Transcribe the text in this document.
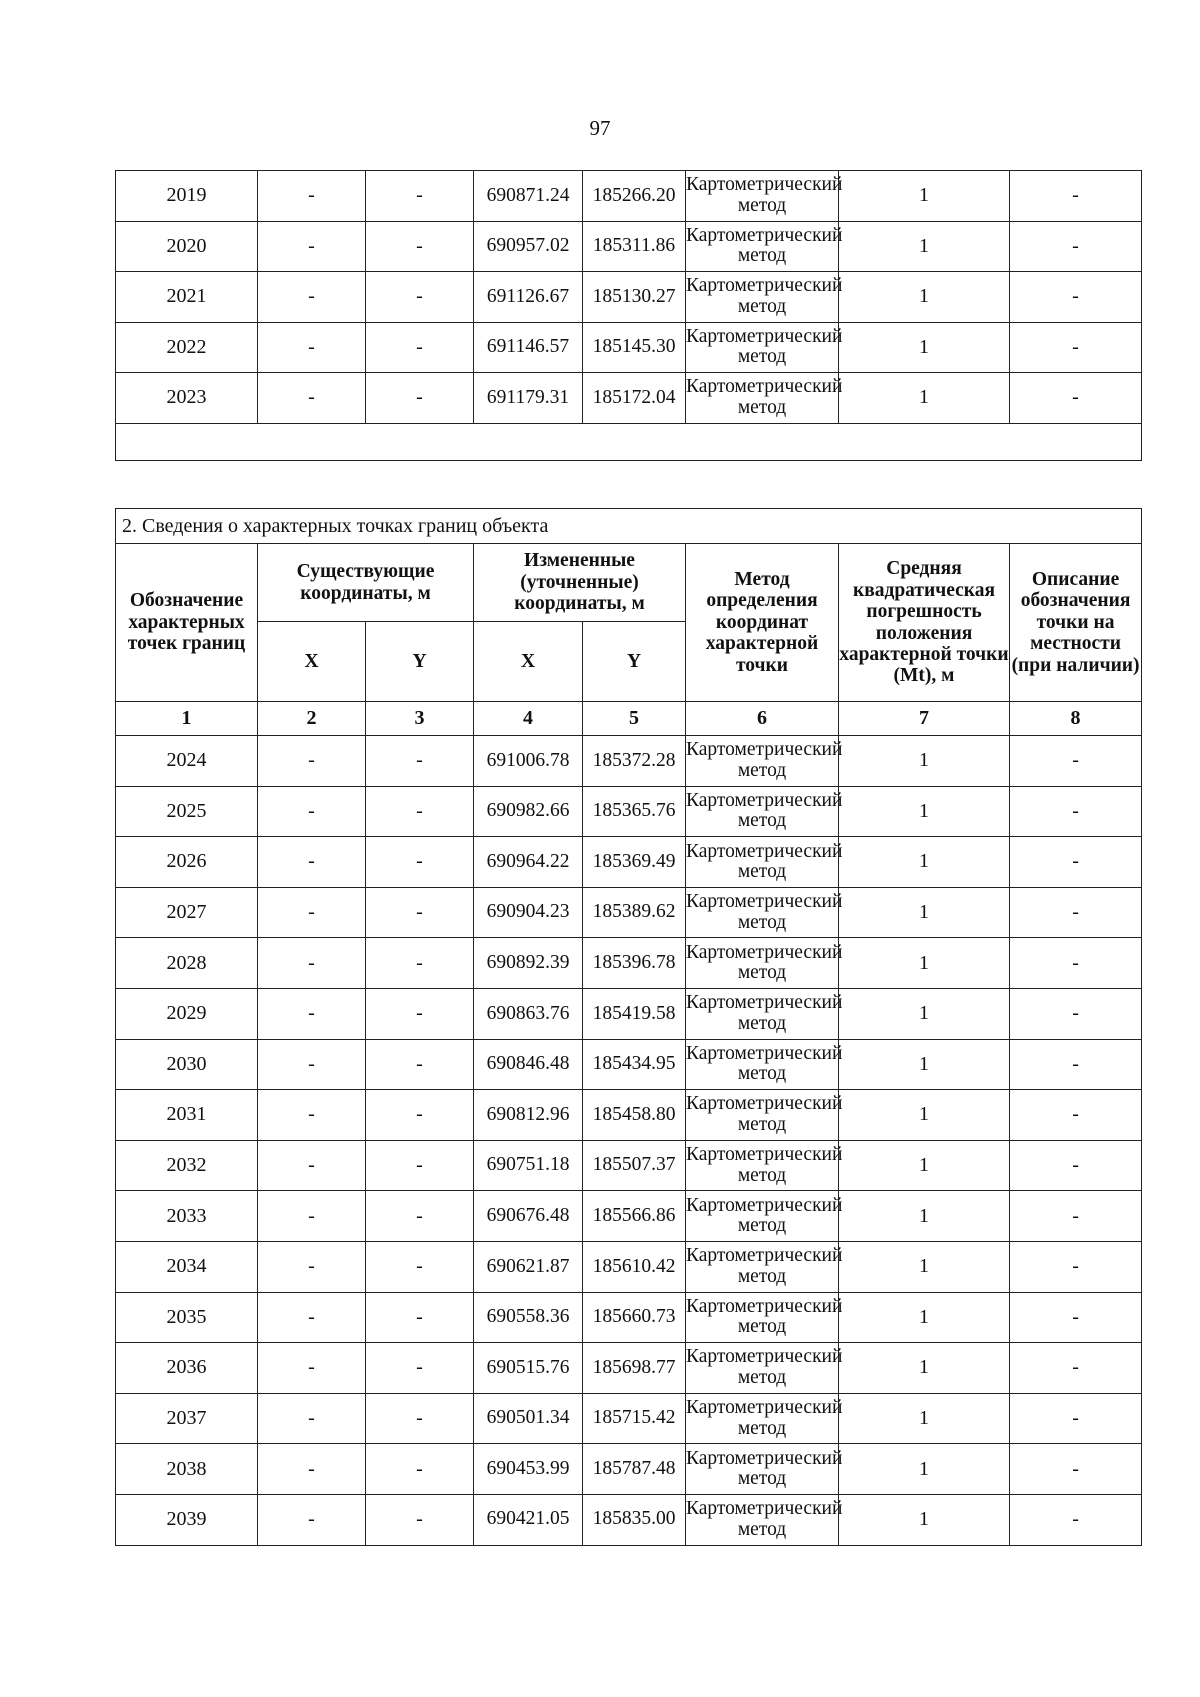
97
2019	-	-	690871.24	185266.20	Картометрический метод	1	-
2020	-	-	690957.02	185311.86	Картометрический метод	1	-
2021	-	-	691126.67	185130.27	Картометрический метод	1	-
2022	-	-	691146.57	185145.30	Картометрический метод	1	-
2023	-	-	691179.31	185172.04	Картометрический метод	1	-

2. Сведения о характерных точках границ объекта							
Обозначение характерных точек границ	Существующие координаты, м		Измененные (уточненные) координаты, м		Метод определения координат характерной точки	Средняя квадратическая погрешность положения характерной точки (Mt), м	Описание обозначения точки на местности (при наличии)
	X	Y	X	Y			
1	2	3	4	5	6	7	8
2024	-	-	691006.78	185372.28	Картометрический метод	1	-
2025	-	-	690982.66	185365.76	Картометрический метод	1	-
2026	-	-	690964.22	185369.49	Картометрический метод	1	-
2027	-	-	690904.23	185389.62	Картометрический метод	1	-
2028	-	-	690892.39	185396.78	Картометрический метод	1	-
2029	-	-	690863.76	185419.58	Картометрический метод	1	-
2030	-	-	690846.48	185434.95	Картометрический метод	1	-
2031	-	-	690812.96	185458.80	Картометрический метод	1	-
2032	-	-	690751.18	185507.37	Картометрический метод	1	-
2033	-	-	690676.48	185566.86	Картометрический метод	1	-
2034	-	-	690621.87	185610.42	Картометрический метод	1	-
2035	-	-	690558.36	185660.73	Картометрический метод	1	-
2036	-	-	690515.76	185698.77	Картометрический метод	1	-
2037	-	-	690501.34	185715.42	Картометрический метод	1	-
2038	-	-	690453.99	185787.48	Картометрический метод	1	-
2039	-	-	690421.05	185835.00	Картометрический метод	1	-
